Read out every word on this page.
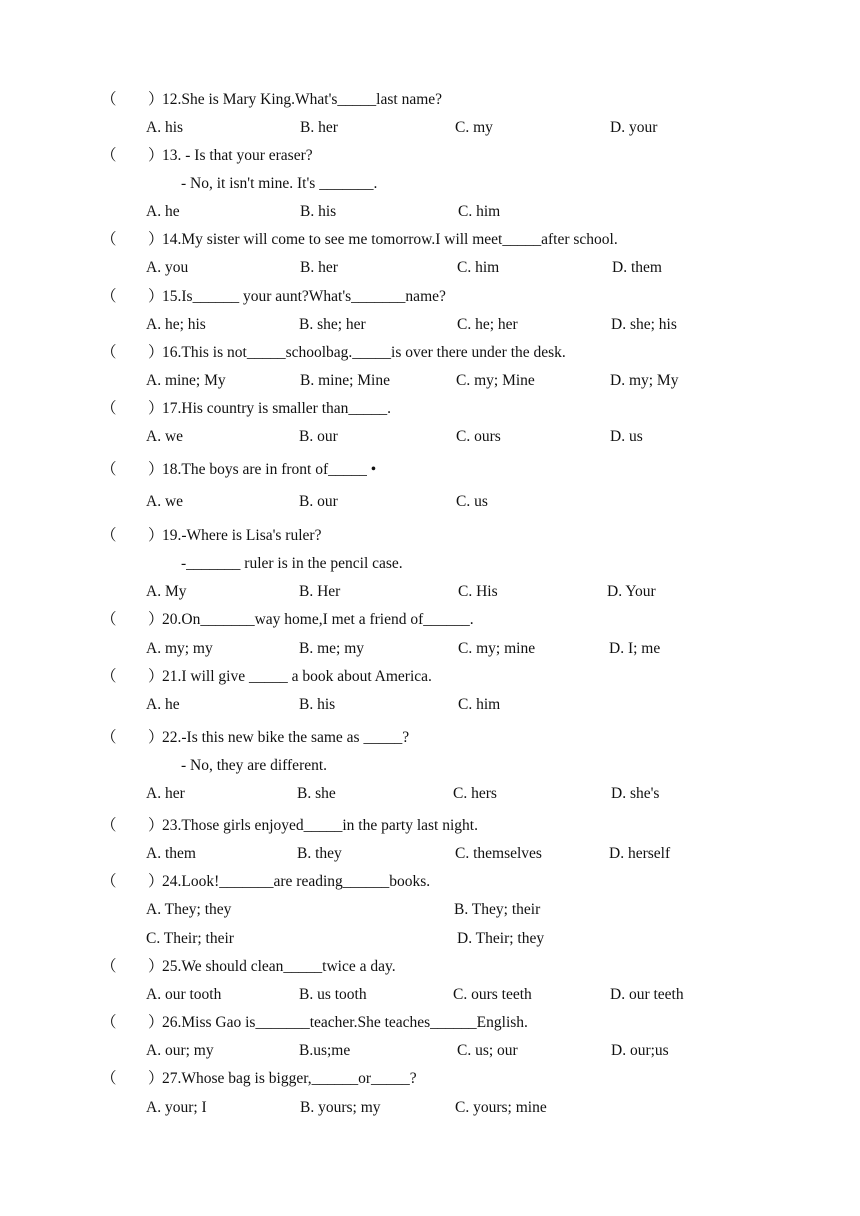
（ ）
12.She is Mary King.What's_____last name?
A. his	B. her	C. my	D. your
（ ）
13. - Is that your eraser?
- No, it isn't mine. It's _______.
A. he	B. his	C. him
（ ）
14.My sister will come to see me tomorrow.I will meet_____after school.
A. you	B. her	C. him	D. them
（ ）
15.Is______ your aunt?What's_______name?
A. he; his	B. she; her	C. he; her	D. she; his
（ ）
16.This is not_____schoolbag._____is over there under the desk.
A. mine; My	B. mine; Mine	C. my; Mine	D. my; My
（ ）
17.His country is smaller than_____.
A. we	B. our	C. ours	D. us
（ ）
18.The boys are in front of_____ •
A. we	B. our	C. us
（ ）
19.-Where is Lisa's ruler?
-_______ ruler is in the pencil case.
A. My	B. Her	C. His	D. Your
（ ）
20.On_______way home,I met a friend of______.
A. my; my	B. me; my	C. my; mine	D. I; me
（ ）
21.I will give _____ a book about America.
A. he	B. his	C. him
（ ）
22.-Is this new bike the same as _____?
- No, they are different.
A. her	B. she	C. hers	D. she's
（ ）
23.Those girls enjoyed_____in the party last night.
A. them	B. they	C. themselves	D. herself
（ ）
24.Look!_______are reading______books.
A. They; they	B. They; their
C. Their; their	D. Their; they
（ ）
25.We should clean_____twice a day.
A. our tooth	B. us tooth	C. ours teeth	D. our teeth
（ ）
26.Miss Gao is_______teacher.She teaches______English.
A. our; my	B.us;me	C. us; our	D. our;us
（ ）
27.Whose bag is bigger,______or_____?
A. your; I	B. yours; my	C. yours; mine
